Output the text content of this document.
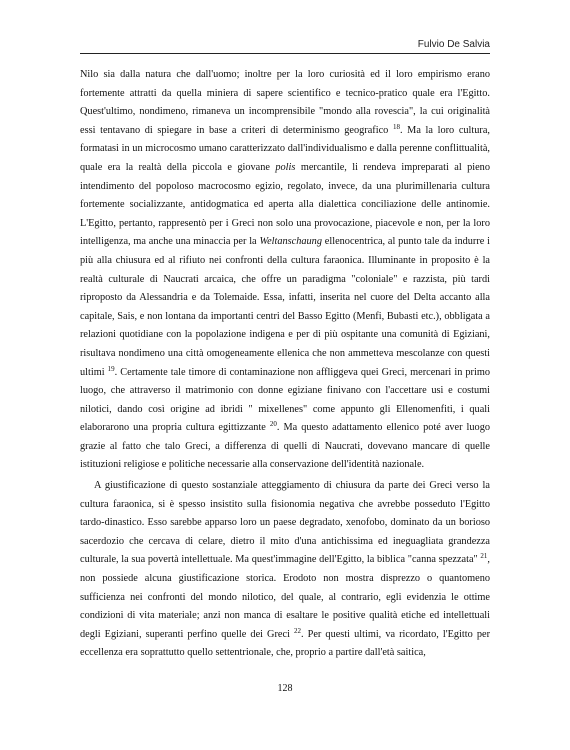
Fulvio De Salvia

Nilo sia dalla natura che dall'uomo; inoltre per la loro curiosità ed il loro empirismo erano fortemente attratti da quella miniera di sapere scientifico e tecnico-pratico quale era l'Egitto. Quest'ultimo, nondimeno, rimaneva un incomprensibile "mondo alla rovescia", la cui originalità essi tentavano di spiegare in base a criteri di determinismo geografico $^{18}$. Ma la loro cultura, formatasi in un microcosmo umano caratterizzato dall'individualismo e dalla perenne conflittualità, quale era la realtà della piccola e giovane polis mercantile, li rendeva impreparati al pieno intendimento del popoloso macrocosmo egizio, regolato, invece, da una plurimillenaria cultura fortemente socializzante, antidogmatica ed aperta alla dialettica conciliazione delle antinomie. L'Egitto, pertanto, rappresentò per i Greci non solo una provocazione, piacevole e non, per la loro intelligenza, ma anche una minaccia per la Weltanschaung ellenocentrica, al punto tale da indurre i più alla chiusura ed al rifiuto nei confronti della cultura faraonica. Illuminante in proposito è la realtà culturale di Naucrati arcaica, che offre un paradigma "coloniale" e razzista, più tardi riproposto da Alessandria e da Tolemaide. Essa, infatti, inserita nel cuore del Delta accanto alla capitale, Sais, e non lontana da importanti centri del Basso Egitto (Menfi, Bubasti etc.), obbligata a relazioni quotidiane con la popolazione indigena e per di più ospitante una comunità di Egiziani, risultava nondimeno una città omogeneamente ellenica che non ammetteva mescolanze con questi ultimi $^{19}$. Certamente tale timore di contaminazione non affliggeva quei Greci, mercenari in primo luogo, che attraverso il matrimonio con donne egiziane finivano con l'accettare usi e costumi nilotici, dando così origine ad ibridi " mixellenes" come appunto gli Ellenomenfiti, i quali elaborarono una propria cultura egittizzante $^{20}$. Ma questo adattamento ellenico poté aver luogo grazie al fatto che talo Greci, a differenza di quelli di Naucrati, dovevano mancare di quelle istituzioni religiose e politiche necessarie alla conservazione dell'identità nazionale.

A giustificazione di questo sostanziale atteggiamento di chiusura da parte dei Greci verso la cultura faraonica, si è spesso insistito sulla fisionomia negativa che avrebbe posseduto l'Egitto tardo-dinastico. Esso sarebbe apparso loro un paese degradato, xenofobo, dominato da un borioso sacerdozio che cercava di celare, dietro il mito d'una antichissima ed ineguagliata grandezza culturale, la sua povertà intellettuale. Ma quest'immagine dell'Egitto, la biblica "canna spezzata" $^{21}$, non possiede alcuna giustificazione storica. Erodoto non mostra disprezzo o quantomeno sufficienza nei confronti del mondo nilotico, del quale, al contrario, egli evidenzia le ottime condizioni di vita materiale; anzi non manca di esaltare le positive qualità etiche ed intellettuali degli Egiziani, superanti perfino quelle dei Greci $^{22}$. Per questi ultimi, va ricordato, l'Egitto per eccellenza era soprattutto quello settentrionale, che, proprio a partire dall'età saitica,

128
